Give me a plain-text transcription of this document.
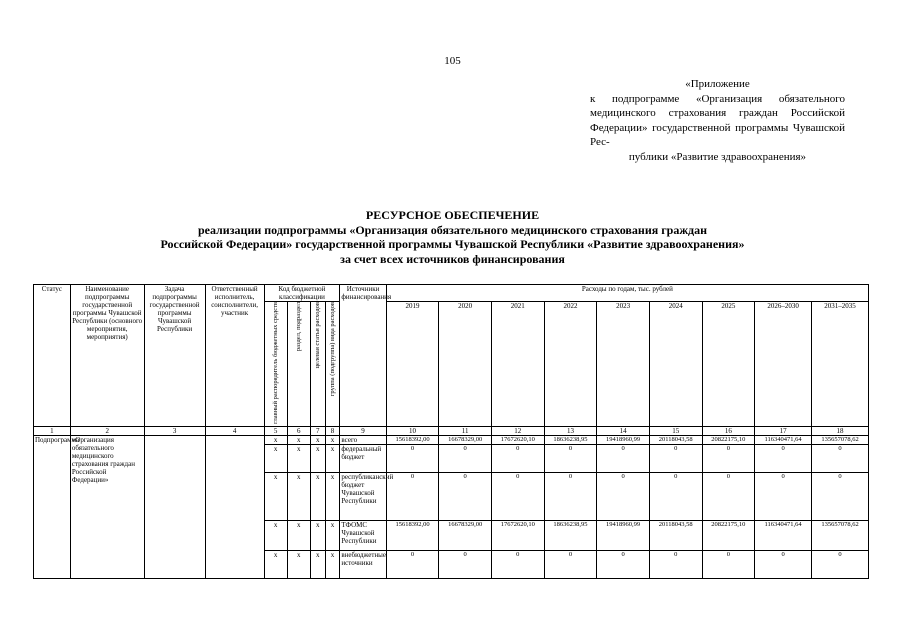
105
«Приложение
к подпрограмме «Организация обязательного медицинского страхования граждан Российской Федерации» государственной программы Чувашской Рес-
публики «Развитие здравоохранения»
РЕСУРСНОЕ ОБЕСПЕЧЕНИЕ
реализации подпрограммы «Организация обязательного медицинского страхования граждан
Российской Федерации» государственной программы Чувашской Республики «Развитие здравоохранения»
за счет всех источников финансирования
Статус	Наименование подпрограммы государственной программы Чувашской Республики (основного мероприятия, мероприятия)	Задача подпрограммы государственной программы Чувашской Республики	Ответственный исполнитель, соисполнители, участник	Код бюджетной классификации				Источники финансирования	Расходы по годам, тыс. рублей								
				главный распорядитель бюджетных средств	раздел, подраздел	целевая статья расходов	группа (подгруппа) вида расходов		2019	2020	2021	2022	2023	2024	2025	2026–2030	2031–2035
1	2	3	4	5	6	7	8	9	10	11	12	13	14	15	16	17	18
Подпрограмма	«Организация обязательного медицинского страхования граждан Российской Федерации»			x	x	x	x	всего	15618392,00	16678329,00	17672620,10	18636238,95	19418960,99	20118043,58	20822175,10	116340471,64	135657078,62
				x	x	x	x	федеральный бюджет	0	0	0	0	0	0	0	0	0
				x	x	x	x	республиканский бюджет Чувашской Республики	0	0	0	0	0	0	0	0	0
				x	x	x	x	ТФОМС Чувашской Республики	15618392,00	16678329,00	17672620,10	18636238,95	19418960,99	20118043,58	20822175,10	116340471,64	135657078,62
				x	x	x	x	внебюджетные источники	0	0	0	0	0	0	0	0	0
